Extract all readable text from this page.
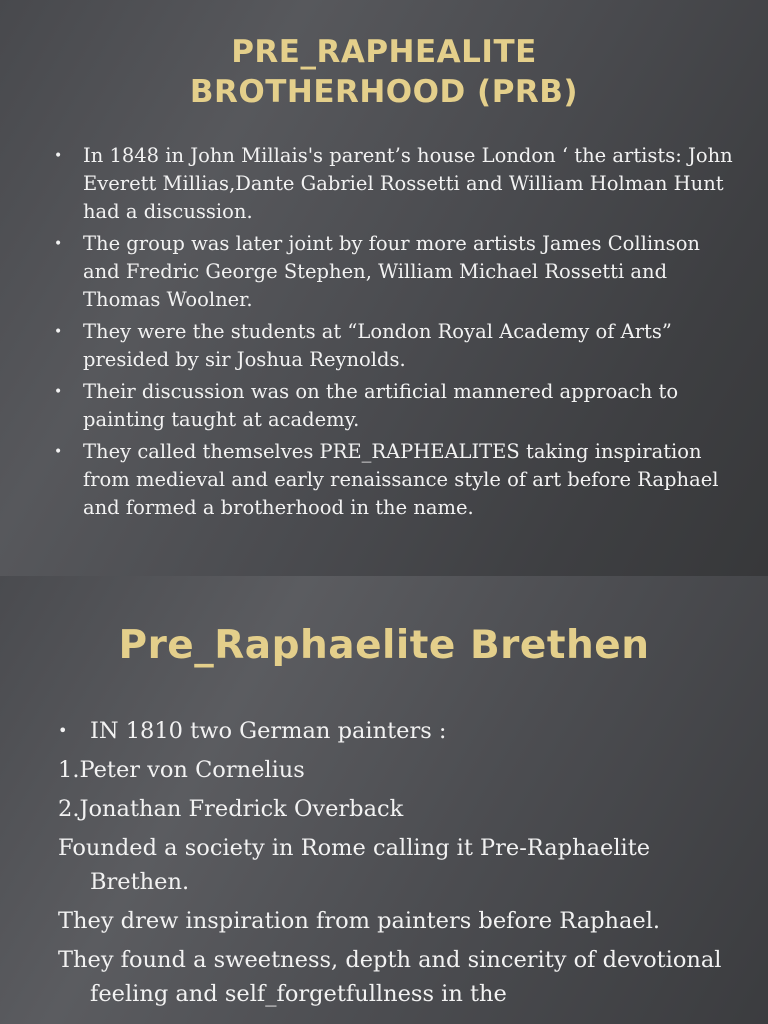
PRE_RAPHEALITE
BROTHERHOOD (PRB)
• In 1848 in John Millais's parent’s house London ‘ the artists: John Everett Millias,Dante Gabriel Rossetti and William Holman Hunt had a discussion.
• The group was later joint by four more artists James Collinson and Fredric George Stephen, William Michael Rossetti and Thomas Woolner.
• They were the students at “London Royal Academy of Arts” presided by sir Joshua Reynolds.
• Their discussion was on the artificial mannered approach to painting taught at academy.
• They called themselves PRE_RAPHEALITES taking inspiration from medieval and early renaissance style of art before Raphael and formed a brotherhood in the name.
Pre_Raphaelite Brethen
• IN 1810 two German painters :
1.Peter von Cornelius
2.Jonathan Fredrick Overback
Founded a society in Rome calling it Pre-Raphaelite Brethen.
They drew inspiration from painters before Raphael.
They found a sweetness, depth and sincerity of devotional feeling and self_forgetfullness in the
